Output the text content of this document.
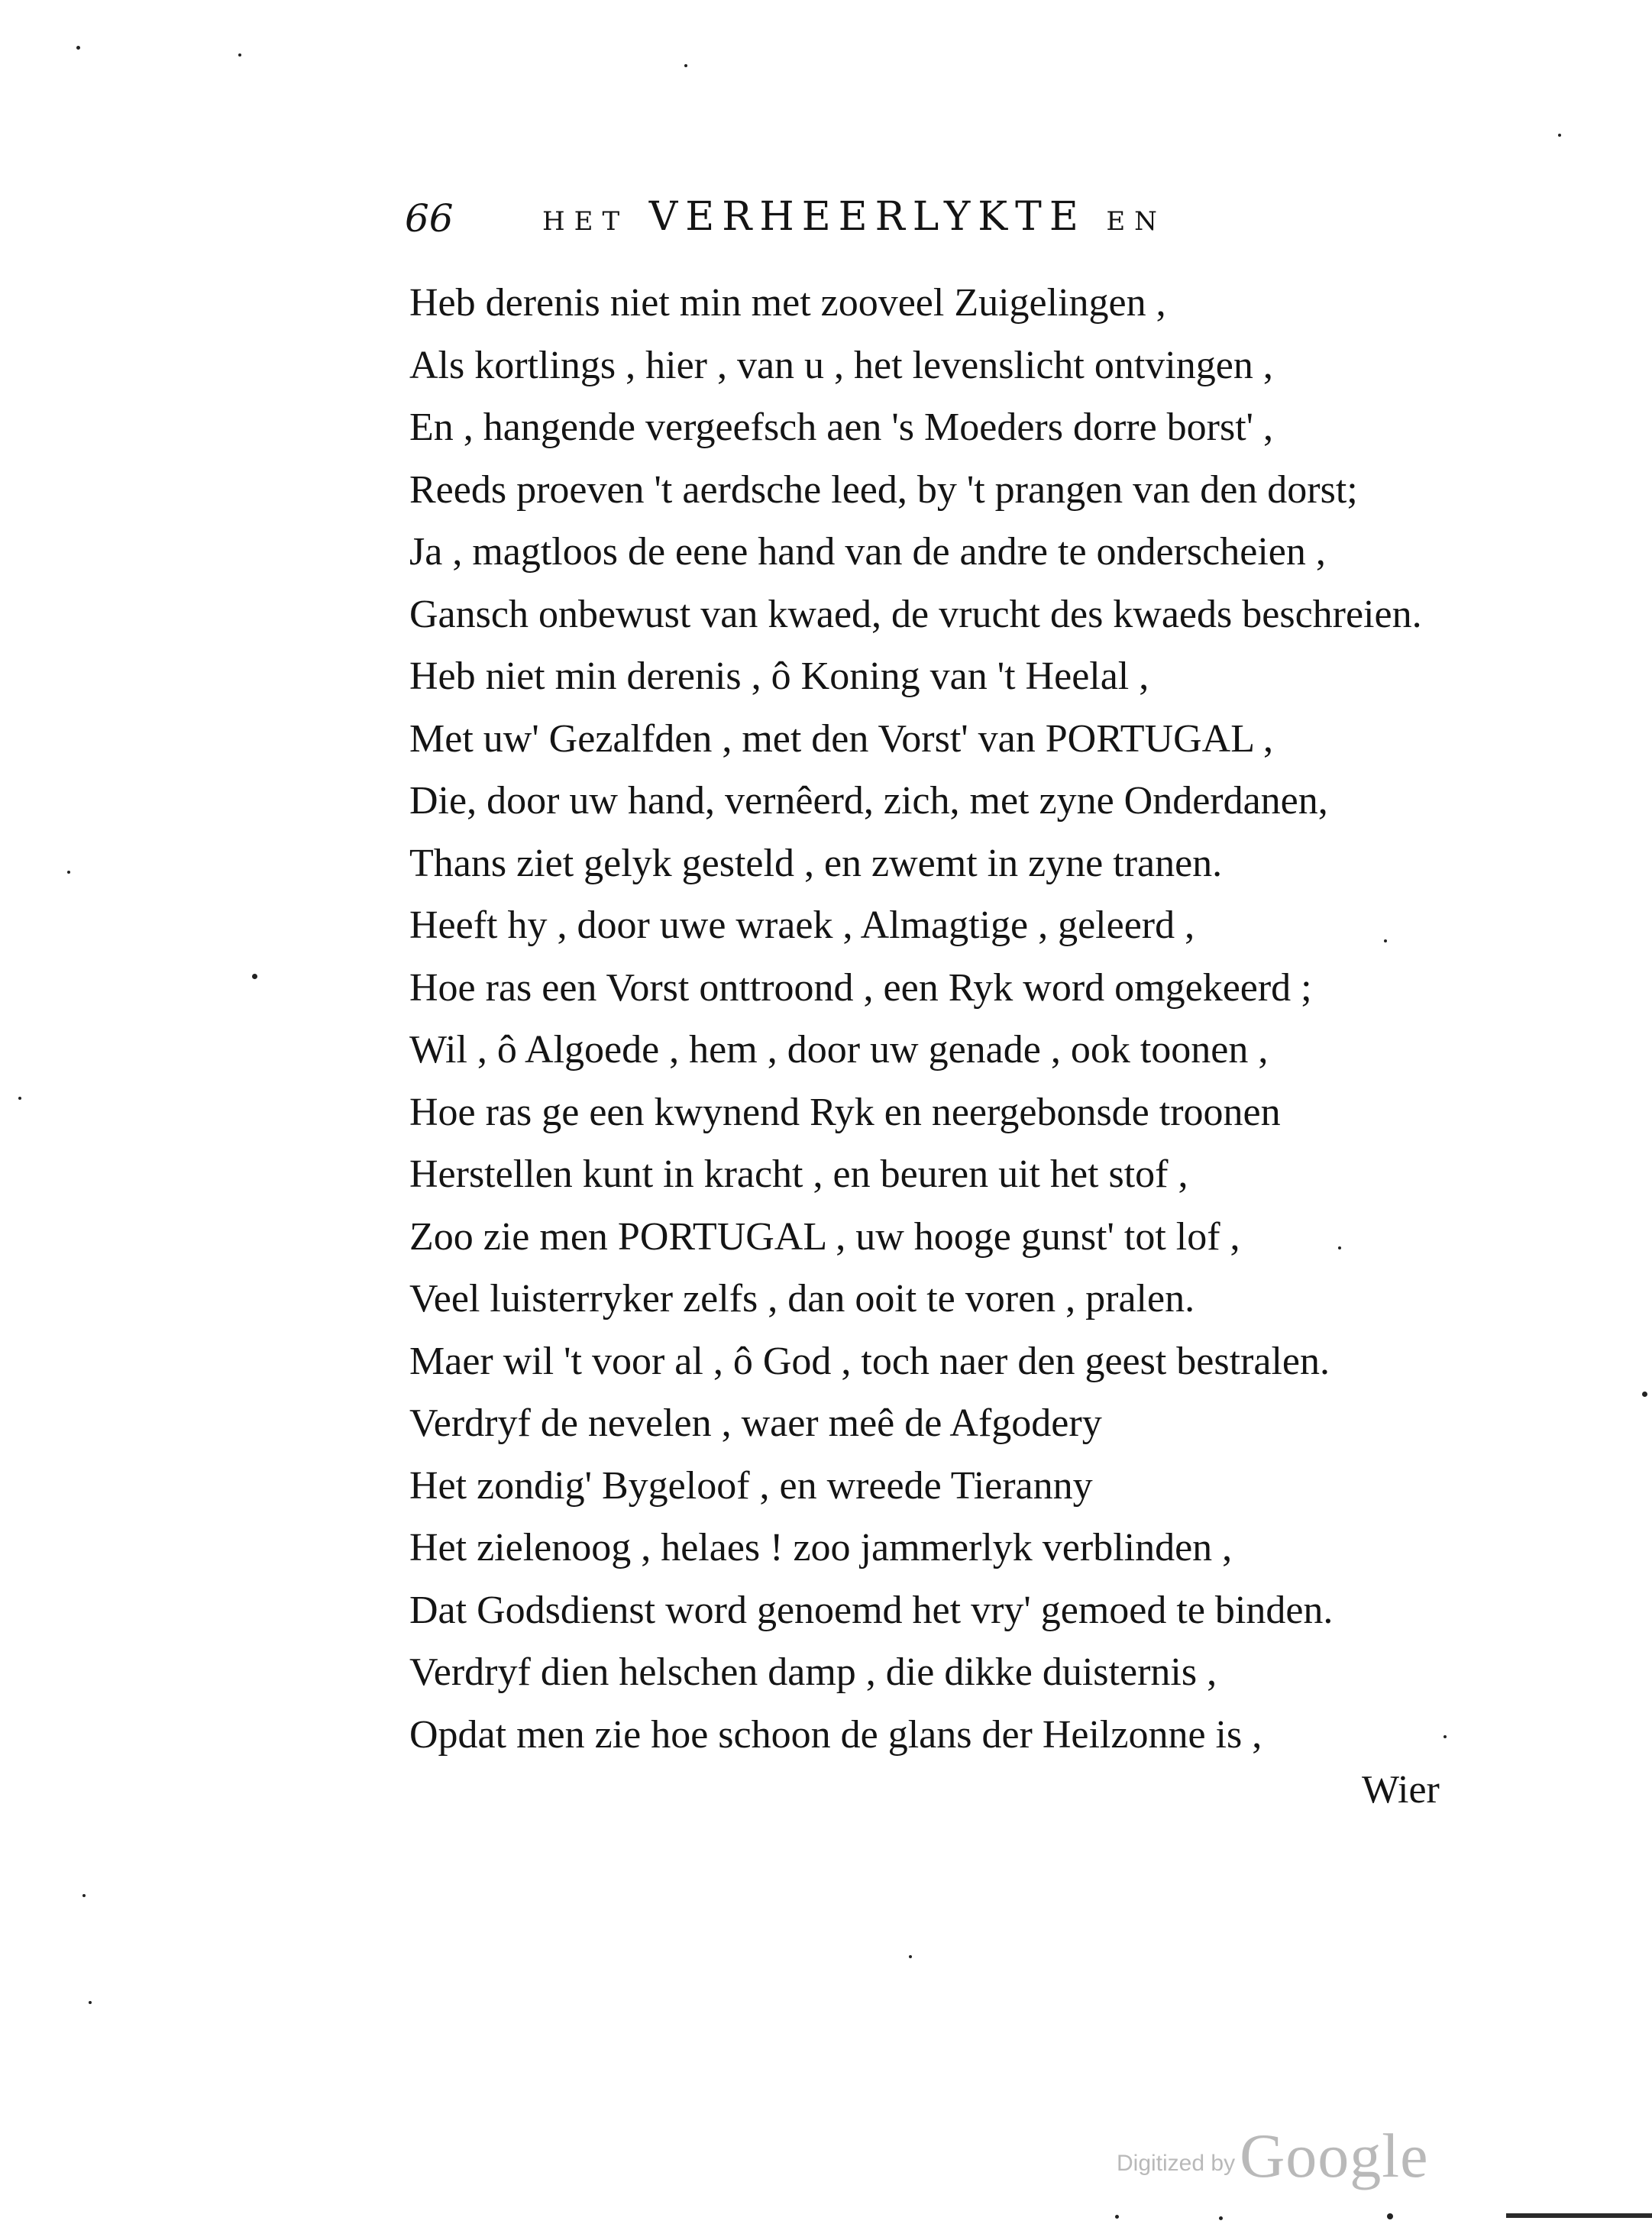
66	HET VERHEERLYKTE EN
Heb derenis niet min met zooveel Zuigelingen ,
Als kortlings , hier , van u , het levenslicht ontvingen ,
En , hangende vergeefsch aen 's Moeders dorre borst' ,
Reeds proeven 't aerdsche leed, by 't prangen van den dorst;
Ja , magtloos de eene hand van de andre te onderscheien ,
Gansch onbewust van kwaed, de vrucht des kwaeds beschreien.
Heb niet min derenis , ô Koning van 't Heelal ,
Met uw' Gezalfden , met den Vorst' van PORTUGAL ,
Die, door uw hand, vernêerd, zich, met zyne Onderdanen,
Thans ziet gelyk gesteld , en zwemt in zyne tranen.
Heeft hy , door uwe wraek , Almagtige , geleerd ,
Hoe ras een Vorst onttroond , een Ryk word omgekeerd ;
Wil , ô Algoede , hem , door uw genade , ook toonen ,
Hoe ras ge een kwynend Ryk en neergebonsde troonen
Herstellen kunt in kracht , en beuren uit het stof ,
Zoo zie men PORTUGAL , uw hooge gunst' tot lof ,
Veel luisterryker zelfs , dan ooit te voren , pralen.
Maer wil 't voor al , ô God , toch naer den geest bestralen.
Verdryf de nevelen , waer meê de Afgodery
Het zondig' Bygeloof , en wreede Tieranny
Het zielenoog , helaes ! zoo jammerlyk verblinden ,
Dat Godsdienst word genoemd het vry' gemoed te binden.
Verdryf dien helschen damp , die dikke duisternis ,
Opdat men zie hoe schoon de glans der Heilzonne is ,
Wier
Digitized byGoogle
